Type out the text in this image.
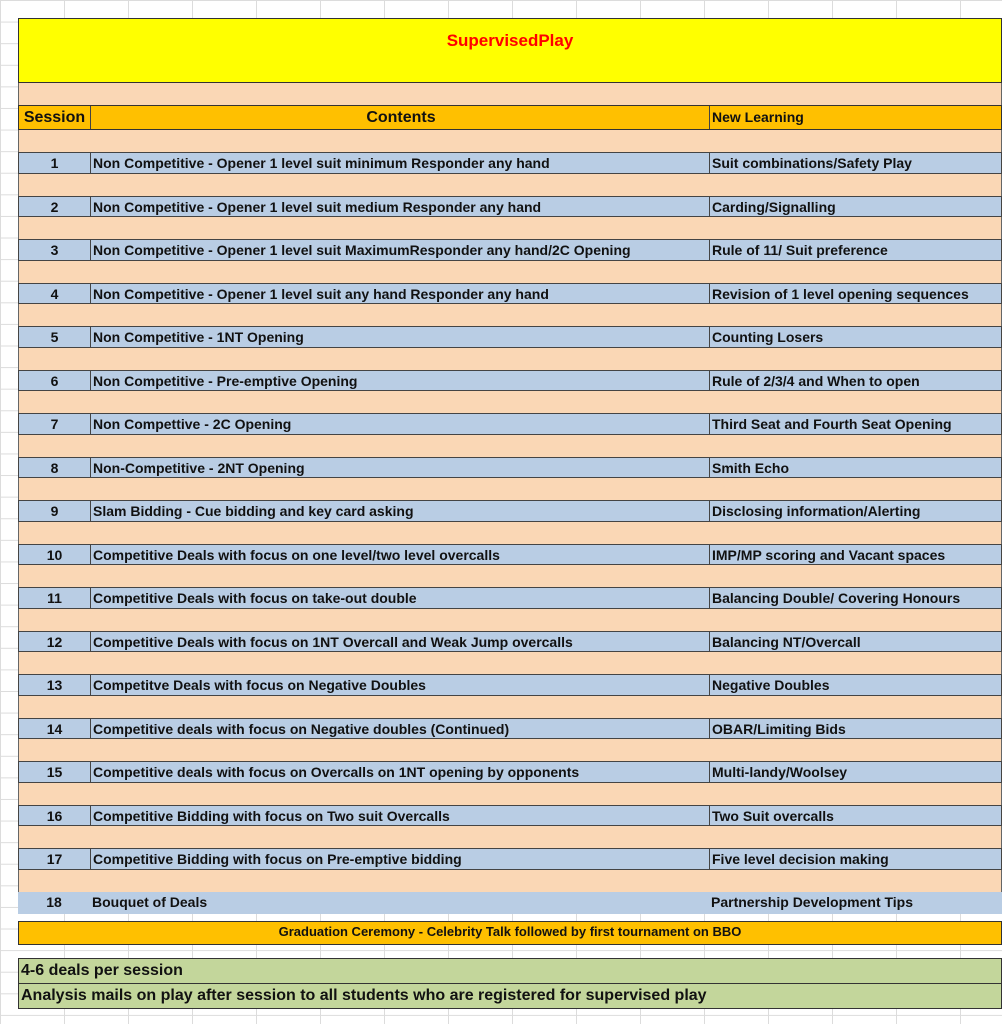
SupervisedPlay
Session	Contents	New Learning
1	Non Competitive - Opener 1 level suit minimum Responder any hand	Suit combinations/Safety Play
2	Non Competitive - Opener 1 level suit medium Responder any hand	Carding/Signalling
3	Non Competitive - Opener 1 level suit MaximumResponder any hand/2C Opening	Rule of 11/ Suit preference
4	Non Competitive - Opener 1 level suit any hand Responder any hand	Revision of 1 level opening sequences
5	Non Competitive - 1NT Opening	Counting Losers
6	Non Competitive - Pre-emptive Opening	Rule of 2/3/4 and When to open
7	Non Compettive - 2C Opening	Third Seat and Fourth Seat Opening
8	Non-Competitive - 2NT Opening	Smith Echo
9	Slam Bidding - Cue bidding and key card asking	Disclosing information/Alerting
10	Competitive Deals with focus on one level/two level overcalls	IMP/MP scoring and Vacant spaces
11	Competitive Deals with focus on take-out double	Balancing Double/ Covering Honours
12	Competitive Deals with focus on 1NT Overcall and Weak Jump overcalls	Balancing NT/Overcall
13	Competitve Deals with focus on Negative Doubles	Negative Doubles
14	Competitive deals with focus on Negative doubles (Continued)	OBAR/Limiting Bids
15	Competitive deals with focus on Overcalls on 1NT opening by opponents	Multi-landy/Woolsey
16	Competitive Bidding with focus on Two suit Overcalls	Two Suit overcalls
17	Competitive Bidding with focus on Pre-emptive bidding	Five level decision making
18	Bouquet of Deals	Partnership Development Tips
Graduation Ceremony - Celebrity Talk followed by first tournament on BBO
4-6 deals per session
Analysis mails on play after session to all students who are registered for supervised play
